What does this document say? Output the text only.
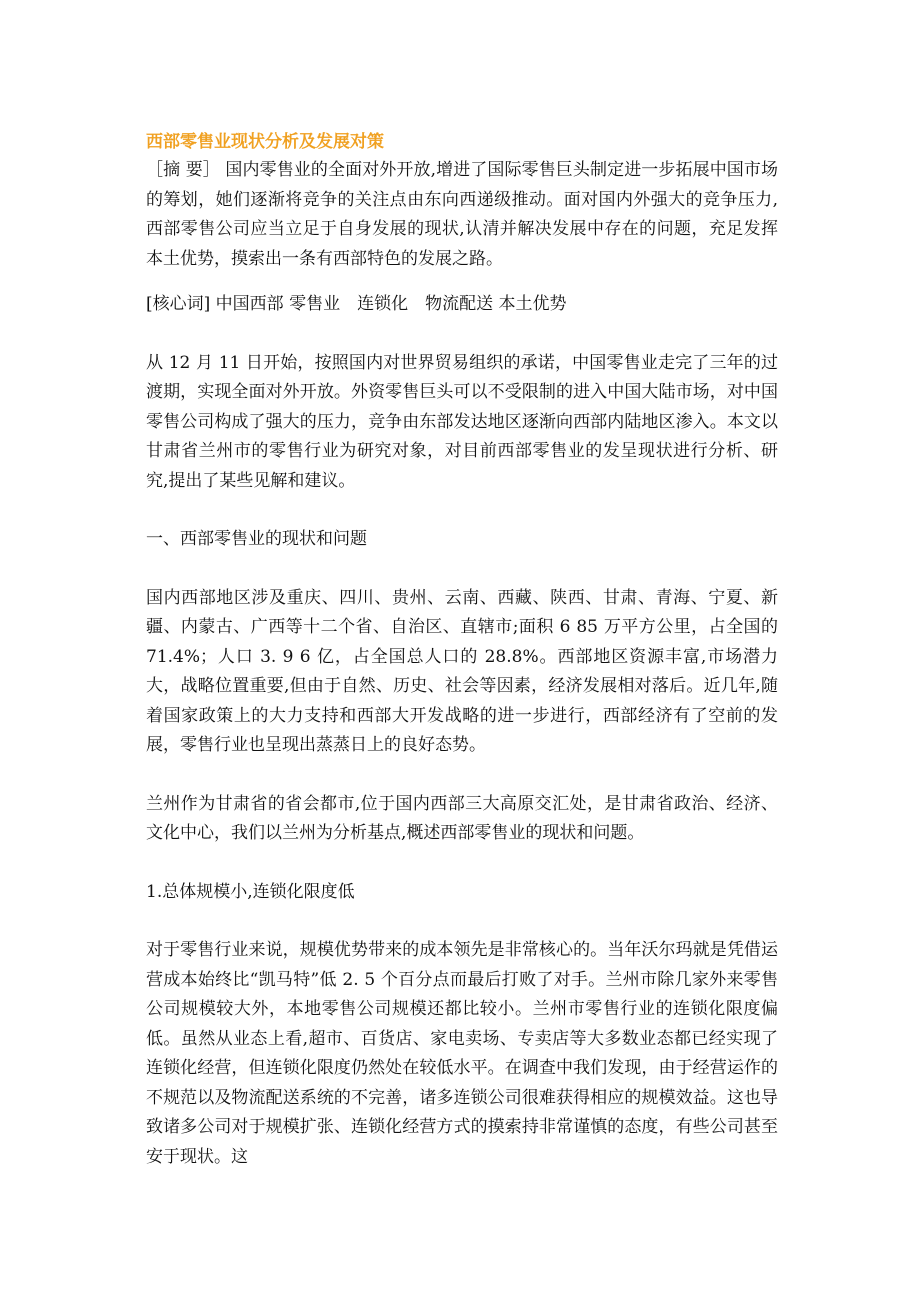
西部零售业现状分析及发展对策

［摘 要］ 国内零售业的全面对外开放,增进了国际零售巨头制定进一步拓展中国市场的筹划，她们逐渐将竞争的关注点由东向西递级推动。面对国内外强大的竞争压力,西部零售公司应当立足于自身发展的现状,认清并解决发展中存在的问题，充足发挥本土优势，摸索出一条有西部特色的发展之路。

[核心词] 中国西部 零售业　连锁化　物流配送 本土优势

从 12 月 11 日开始，按照国内对世界贸易组织的承诺，中国零售业走完了三年的过渡期，实现全面对外开放。外资零售巨头可以不受限制的进入中国大陆市场，对中国零售公司构成了强大的压力，竞争由东部发达地区逐渐向西部内陆地区渗入。本文以甘肃省兰州市的零售行业为研究对象，对目前西部零售业的发呈现状进行分析、研究,提出了某些见解和建议。

一、西部零售业的现状和问题

国内西部地区涉及重庆、四川、贵州、云南、西藏、陕西、甘肃、青海、宁夏、新疆、内蒙古、广西等十二个省、自治区、直辖市;面积 6 85 万平方公里，占全国的 71.4%；人口 3. 9 6 亿，占全国总人口的 28.8%。西部地区资源丰富,市场潜力大，战略位置重要,但由于自然、历史、社会等因素，经济发展相对落后。近几年,随着国家政策上的大力支持和西部大开发战略的进一步进行，西部经济有了空前的发展，零售行业也呈现出蒸蒸日上的良好态势。

兰州作为甘肃省的省会都市,位于国内西部三大高原交汇处，是甘肃省政治、经济、文化中心，我们以兰州为分析基点,概述西部零售业的现状和问题。

1.总体规模小,连锁化限度低

对于零售行业来说，规模优势带来的成本领先是非常核心的。当年沃尔玛就是凭借运营成本始终比“凯马特”低 2. 5 个百分点而最后打败了对手。兰州市除几家外来零售公司规模较大外，本地零售公司规模还都比较小。兰州市零售行业的连锁化限度偏低。虽然从业态上看,超市、百货店、家电卖场、专卖店等大多数业态都已经实现了连锁化经营，但连锁化限度仍然处在较低水平。在调查中我们发现，由于经营运作的不规范以及物流配送系统的不完善，诸多连锁公司很难获得相应的规模效益。这也导致诸多公司对于规模扩张、连锁化经营方式的摸索持非常谨慎的态度，有些公司甚至安于现状。这
